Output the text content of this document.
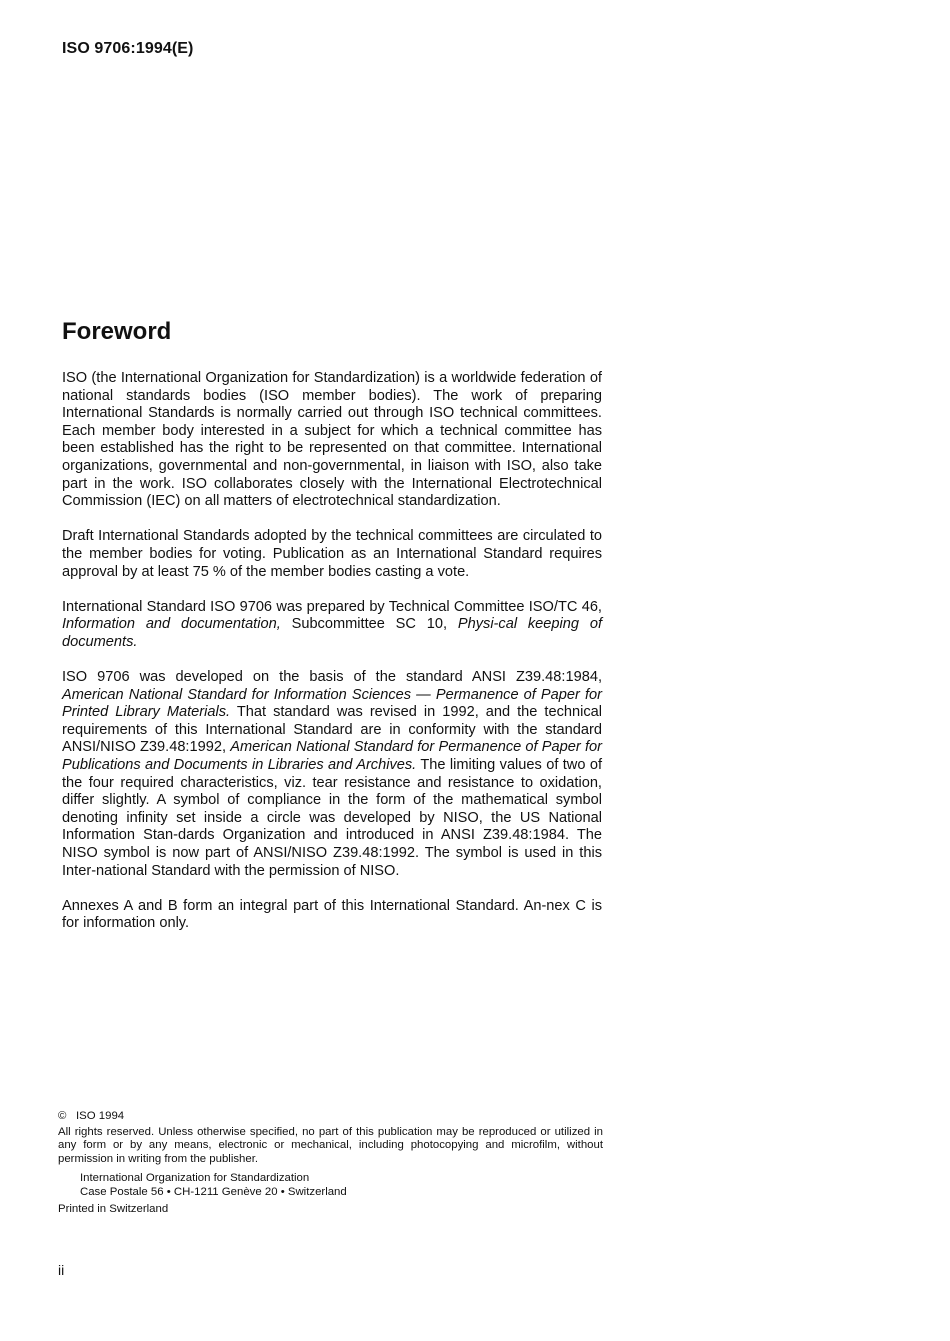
ISO 9706:1994(E)
Foreword

ISO (the International Organization for Standardization) is a worldwide federation of national standards bodies (ISO member bodies). The work of preparing International Standards is normally carried out through ISO technical committees. Each member body interested in a subject for which a technical committee has been established has the right to be represented on that committee. International organizations, governmental and non-governmental, in liaison with ISO, also take part in the work. ISO collaborates closely with the International Electrotechnical Commission (IEC) on all matters of electrotechnical standardization.

Draft International Standards adopted by the technical committees are circulated to the member bodies for voting. Publication as an International Standard requires approval by at least 75 % of the member bodies casting a vote.

International Standard ISO 9706 was prepared by Technical Committee ISO/TC 46, Information and documentation, Subcommittee SC 10, Physi-cal keeping of documents.

ISO 9706 was developed on the basis of the standard ANSI Z39.48:1984, American National Standard for Information Sciences — Permanence of Paper for Printed Library Materials. That standard was revised in 1992, and the technical requirements of this International Standard are in conformity with the standard ANSI/NISO Z39.48:1992, American National Standard for Permanence of Paper for Publications and Documents in Libraries and Archives. The limiting values of two of the four required characteristics, viz. tear resistance and resistance to oxidation, differ slightly. A symbol of compliance in the form of the mathematical symbol denoting infinity set inside a circle was developed by NISO, the US National Information Stan-dards Organization and introduced in ANSI Z39.48:1984. The NISO symbol is now part of ANSI/NISO Z39.48:1992. The symbol is used in this Inter-national Standard with the permission of NISO.

Annexes A and B form an integral part of this International Standard. An-nex C is for information only.

© ISO 1994
All rights reserved. Unless otherwise specified, no part of this publication may be reproduced or utilized in any form or by any means, electronic or mechanical, including photocopying and microfilm, without permission in writing from the publisher.
International Organization for Standardization
Case Postale 56 • CH-1211 Genève 20 • Switzerland
Printed in Switzerland
ii
